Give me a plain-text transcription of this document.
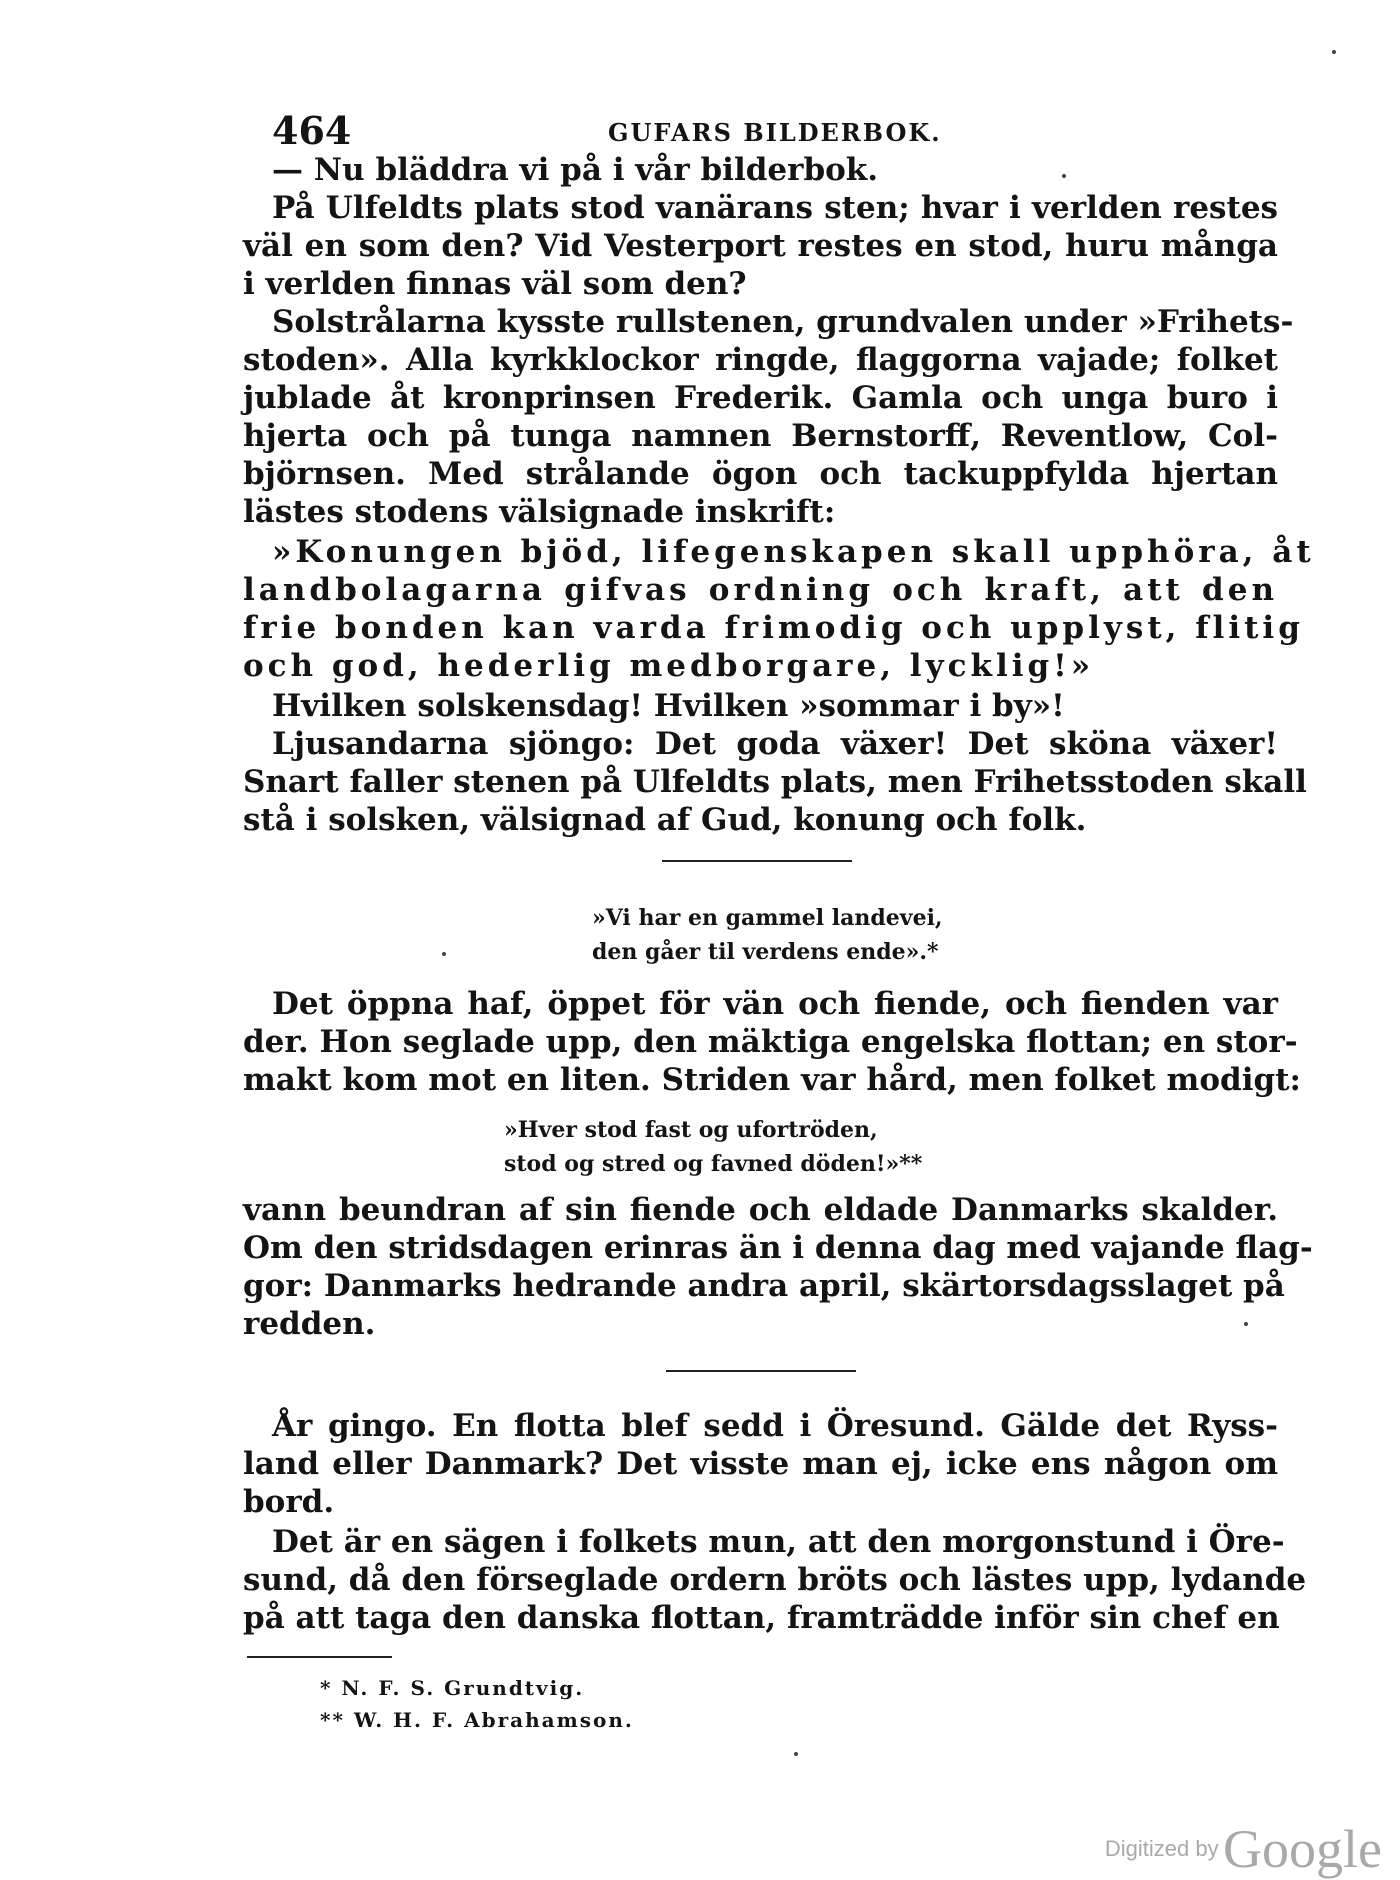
464	GUFARS BILDERBOK.
— Nu bläddra vi på i vår bilderbok.
På Ulfeldts plats stod vanärans sten; hvar i verlden restes
väl en som den? Vid Vesterport restes en stod, huru många
i verlden finnas väl som den?
Solstrålarna kysste rullstenen, grundvalen under »Frihets-
stoden». Alla kyrkklockor ringde, flaggorna vajade; folket
jublade åt kronprinsen Frederik. Gamla och unga buro i
hjerta och på tunga namnen Bernstorff, Reventlow, Col-
björnsen. Med strålande ögon och tackuppfylda hjertan
lästes stodens välsignade inskrift:
»Konungen bjöd, lifegenskapen skall upphöra, åt
landbolagarna gifvas ordning och kraft, att den
frie bonden kan varda frimodig och upplyst, flitig
och god, hederlig medborgare, lycklig!»
Hvilken solskensdag! Hvilken »sommar i by»!
Ljusandarna sjöngo: Det goda växer! Det sköna växer!
Snart faller stenen på Ulfeldts plats, men Frihetsstoden skall
stå i solsken, välsignad af Gud, konung och folk.
»Vi har en gammel landevei,
den gåer til verdens ende».*
Det öppna haf, öppet för vän och fiende, och fienden var
der. Hon seglade upp, den mäktiga engelska flottan; en stor-
makt kom mot en liten. Striden var hård, men folket modigt:
»Hver stod fast og ufortröden,
stod og stred og favned döden!»**
vann beundran af sin fiende och eldade Danmarks skalder.
Om den stridsdagen erinras än i denna dag med vajande flag-
gor: Danmarks hedrande andra april, skärtorsdagsslaget på
redden.
År gingo. En flotta blef sedd i Öresund. Gälde det Ryss-
land eller Danmark? Det visste man ej, icke ens någon om
bord.
Det är en sägen i folkets mun, att den morgonstund i Öre-
sund, då den förseglade ordern bröts och lästes upp, lydande
på att taga den danska flottan, framträdde inför sin chef en
* N. F. S. Grundtvig.
** W. H. F. Abrahamson.
Digitized by Google
